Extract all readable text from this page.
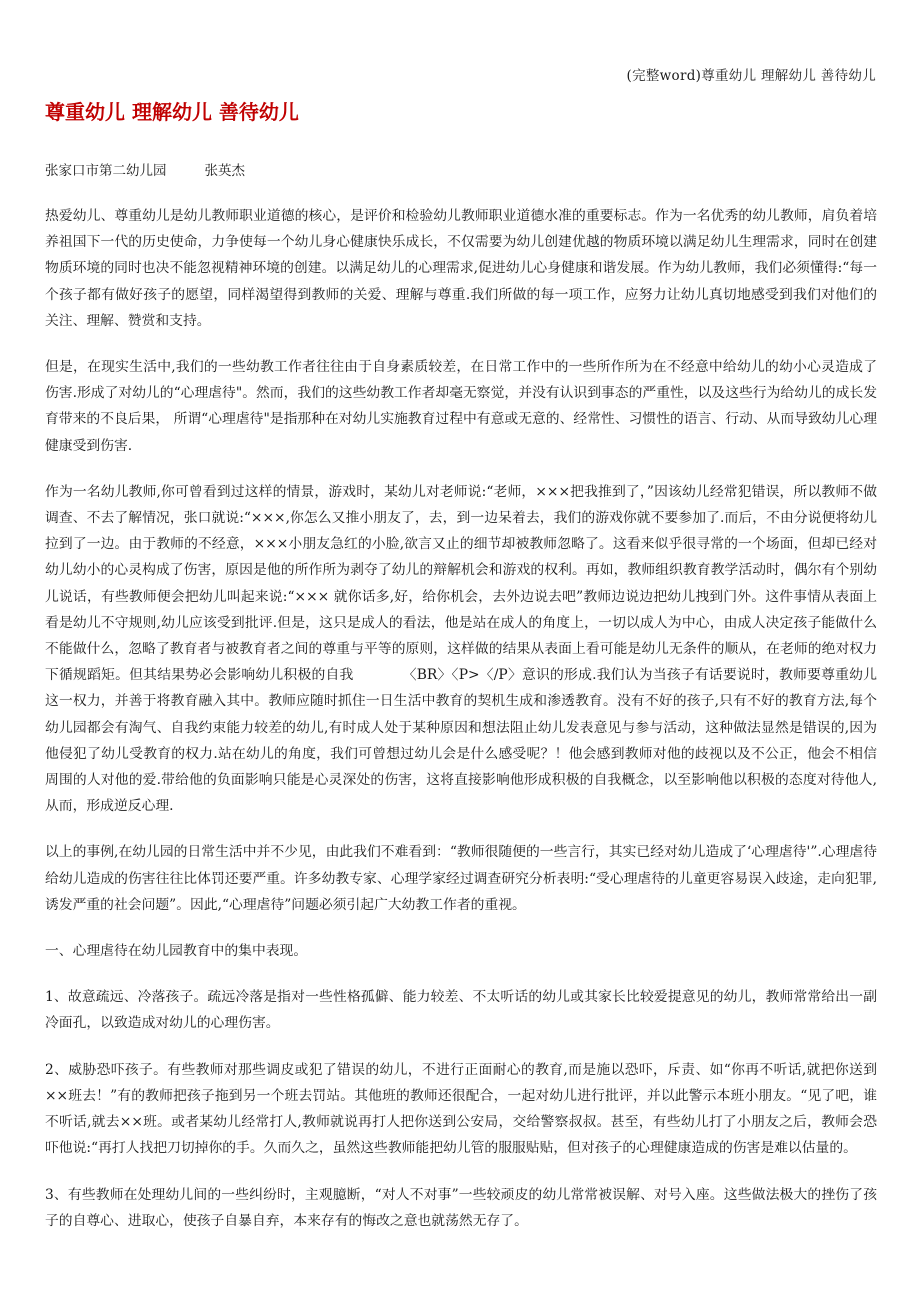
(完整word)尊重幼儿 理解幼儿 善待幼儿
尊重幼儿 理解幼儿 善待幼儿
张家口市第二幼儿园	张英杰

热爱幼儿、尊重幼儿是幼儿教师职业道德的核心，是评价和检验幼儿教师职业道德水准的重要标志。作为一名优秀的幼儿教师，肩负着培养祖国下一代的历史使命，力争使每一个幼儿身心健康快乐成长，不仅需要为幼儿创建优越的物质环境以满足幼儿生理需求，同时在创建物质环境的同时也决不能忽视精神环境的创建。以满足幼儿的心理需求,促进幼儿心身健康和谐发展。作为幼儿教师，我们必须懂得:“每一个孩子都有做好孩子的愿望，同样渴望得到教师的关爱、理解与尊重.我们所做的每一项工作，应努力让幼儿真切地感受到我们对他们的关注、理解、赞赏和支持。

但是，在现实生活中,我们的一些幼教工作者往往由于自身素质较差，在日常工作中的一些所作所为在不经意中给幼儿的幼小心灵造成了伤害.形成了对幼儿的“心理虐待"。然而，我们的这些幼教工作者却毫无察觉，并没有认识到事态的严重性，以及这些行为给幼儿的成长发育带来的不良后果， 所谓“心理虐待"是指那种在对幼儿实施教育过程中有意或无意的、经常性、习惯性的语言、行动、从而导致幼儿心理健康受到伤害.

作为一名幼儿教师,你可曾看到过这样的情景，游戏时，某幼儿对老师说:“老师，×××把我推到了，”因该幼儿经常犯错误，所以教师不做调查、不去了解情况，张口就说:“×××,你怎么又推小朋友了，去，到一边呆着去，我们的游戏你就不要参加了.而后，不由分说便将幼儿拉到了一边。由于教师的不经意，×××小朋友急红的小脸,欲言又止的细节却被教师忽略了。这看来似乎很寻常的一个场面，但却已经对幼儿幼小的心灵构成了伤害，原因是他的所作所为剥夺了幼儿的辩解机会和游戏的权利。再如，教师组织教育教学活动时，偶尔有个别幼儿说话，有些教师便会把幼儿叫起来说:“××× 就你话多,好，给你机会，去外边说去吧”教师边说边把幼儿拽到门外。这件事情从表面上看是幼儿不守规则,幼儿应该受到批评.但是，这只是成人的看法，他是站在成人的角度上，一切以成人为中心，由成人决定孩子能做什么不能做什么，忽略了教育者与被教育者之间的尊重与平等的原则，这样做的结果从表面上看可能是幼儿无条件的顺从，在老师的绝对权力下循规蹈矩。但其结果势必会影响幼儿积极的自我　　　　〈BR〉〈P>〈/P〉意识的形成.我们认为当孩子有话要说时，教师要尊重幼儿这一权力，并善于将教育融入其中。教师应随时抓住一日生活中教育的契机生成和渗透教育。没有不好的孩子,只有不好的教育方法,每个幼儿园都会有淘气、自我约束能力较差的幼儿,有时成人处于某种原因和想法阻止幼儿发表意见与参与活动，这种做法显然是错误的,因为他侵犯了幼儿受教育的权力.站在幼儿的角度，我们可曾想过幼儿会是什么感受呢？！他会感到教师对他的歧视以及不公正，他会不相信周围的人对他的爱.带给他的负面影响只能是心灵深处的伤害，这将直接影响他形成积极的自我概念，以至影响他以积极的态度对待他人,从而，形成逆反心理.

以上的事例,在幼儿园的日常生活中并不少见，由此我们不难看到：“教师很随便的一些言行，其实已经对幼儿造成了‘心理虐待'”.心理虐待给幼儿造成的伤害往往比体罚还要严重。许多幼教专家、心理学家经过调查研究分析表明:“受心理虐待的儿童更容易误入歧途，走向犯罪,诱发严重的社会问题”。因此,“心理虐待”问题必须引起广大幼教工作者的重视。

一、心理虐待在幼儿园教育中的集中表现。

1、故意疏远、冷落孩子。疏远冷落是指对一些性格孤僻、能力较差、不太听话的幼儿或其家长比较爱提意见的幼儿，教师常常给出一副冷面孔，以致造成对幼儿的心理伤害。

2、威胁恐吓孩子。有些教师对那些调皮或犯了错误的幼儿，不进行正面耐心的教育,而是施以恐吓，斥责、如“你再不听话,就把你送到××班去！”有的教师把孩子拖到另一个班去罚站。其他班的教师还很配合，一起对幼儿进行批评，并以此警示本班小朋友。“见了吧，谁不听话,就去××班。或者某幼儿经常打人,教师就说再打人把你送到公安局，交给警察叔叔。甚至，有些幼儿打了小朋友之后，教师会恐吓他说:“再打人找把刀切掉你的手。久而久之，虽然这些教师能把幼儿管的服服贴贴，但对孩子的心理健康造成的伤害是难以估量的。

3、有些教师在处理幼儿间的一些纠纷时，主观臆断，“对人不对事”一些较顽皮的幼儿常常被误解、对号入座。这些做法极大的挫伤了孩子的自尊心、进取心，使孩子自暴自弃，本来存有的悔改之意也就荡然无存了。
